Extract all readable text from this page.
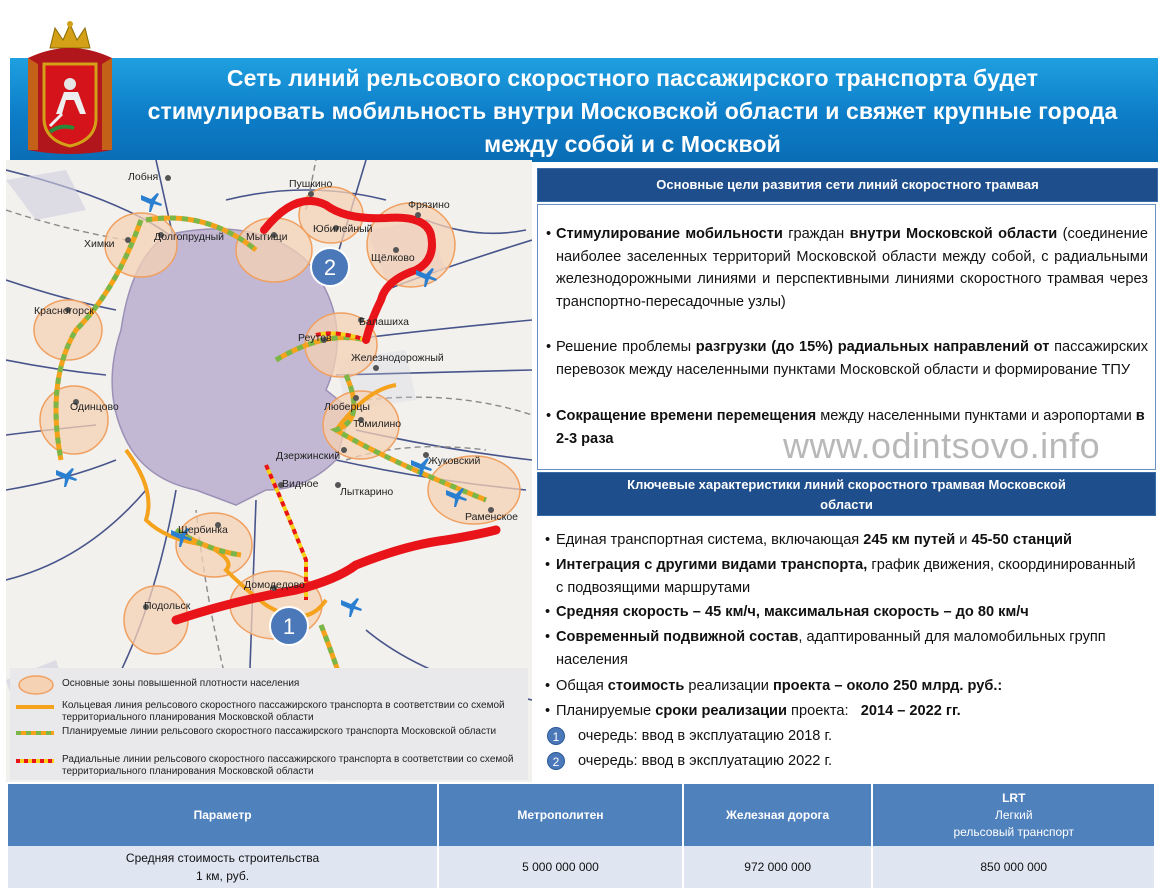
Сеть линий рельсового скоростного пассажирского транспорта будет
стимулировать мобильность внутри Московской области и свяжет крупные города
между собой и с Москвой
2
1
Лобня
Пушкино
Фрязино
Химки
Долгопрудный Мытищи
Юбилейный
Щёлково
Красногорск
Балашиха
Реутов
Железнодорожный
Одинцово	Люберцы
Томилино
Дзержинский	Жуковский
Видное
Лыткарино
Раменское
Щербинка
Домодедово
Подольск
Основные зоны повышенной плотности населения
Кольцевая линия рельсового скоростного пассажирского транспорта в соответствии со схемой территориального планирования Московской области
Планируемые линии рельсового скоростного пассажирского транспорта Московской области
Радиальные линии рельсового скоростного пассажирского транспорта в соответствии со схемой территориального планирования Московской области
Основные цели развития сети линий скоростного трамвая
• Стимулирование мобильности граждан внутри Московской области (соединение наиболее заселенных территорий Московской области между собой, с радиальными железнодорожными линиями и перспективными линиями скоростного трамвая через транспортно-пересадочные узлы)
• Решение проблемы разгрузки (до 15%) радиальных направлений от пассажирских перевозок между населенными пунктами Московской области и формирование ТПУ
• Сокращение времени перемещения между населенными пунктами и аэропортами в 2-3 раза	www.odintsovo.info
Ключевые характеристики линий скоростного трамвая Московской
области
• Единая транспортная система, включающая 245 км путей и 45-50 станций
• Интеграция с другими видами транспорта, график движения, скоординированный с подвозящими маршрутами
• Средняя скорость – 45 км/ч, максимальная скорость – до 80 км/ч
• Современный подвижной состав, адаптированный для маломобильных групп населения
• Общая стоимость реализации проекта – около 250 млрд. руб.:
• Планируемые сроки реализации проекта:   2014 – 2022 гг.
1	очередь: ввод в эксплуатацию 2018 г.
2	очередь: ввод в эксплуатацию 2022 г.
Параметр	Метрополитен	Железная дорога	LRT
Легкий
рельсовый транспорт

Средняя стоимость строительства
1 км, руб.	5 000 000 000	972 000 000	850 000 000
